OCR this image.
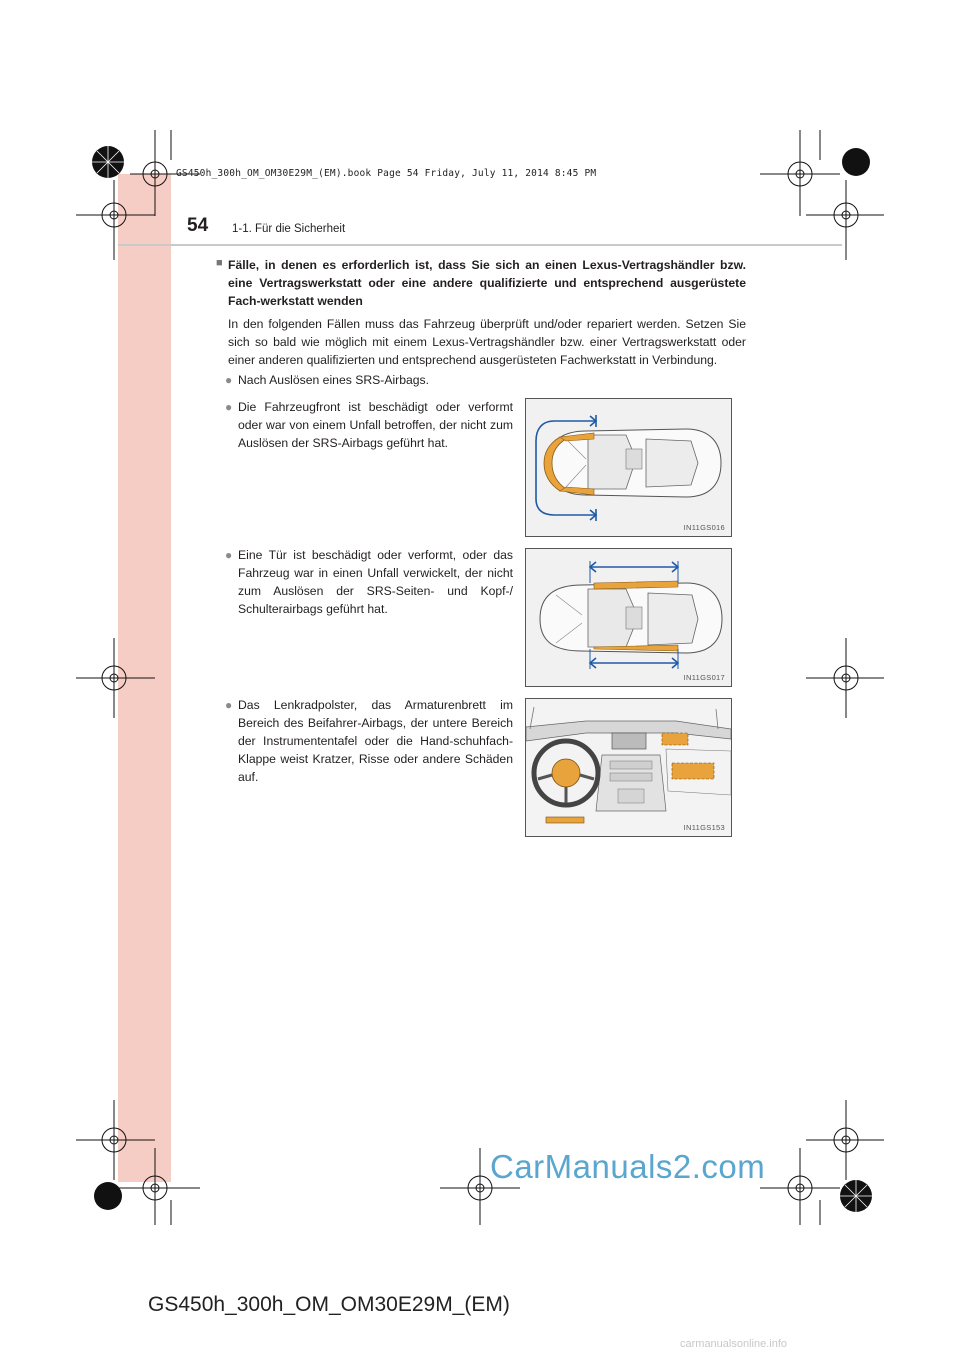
GS450h_300h_OM_OM30E29M_(EM).book Page 54 Friday, July 11, 2014 8:45 PM
54 1-1. Für die Sicherheit
■ Fälle, in denen es erforderlich ist, dass Sie sich an einen Lexus-Vertragshändler bzw. eine Vertragswerkstatt oder eine andere qualifizierte und entsprechend ausgerüstete Fach-werkstatt wenden
In den folgenden Fällen muss das Fahrzeug überprüft und/oder repariert werden. Setzen Sie sich so bald wie möglich mit einem Lexus-Vertragshändler bzw. einer Vertragswerkstatt oder einer anderen qualifizierten und entsprechend ausgerüsteten Fachwerkstatt in Verbindung.
● Nach Auslösen eines SRS-Airbags.
● Die Fahrzeugfront ist beschädigt oder verformt oder war von einem Unfall betroffen, der nicht zum Auslösen der SRS-Airbags geführt hat.
IN11GS016
● Eine Tür ist beschädigt oder verformt, oder das Fahrzeug war in einen Unfall verwickelt, der nicht zum Auslösen der SRS-Seiten- und Kopf-/ Schulterairbags geführt hat.
IN11GS017
● Das Lenkradpolster, das Armaturenbrett im Bereich des Beifahrer-Airbags, der untere Bereich der Instrumententafel oder die Hand-schuhfach-Klappe weist Kratzer, Risse oder andere Schäden auf.
IN11GS153
CarManuals2.com
GS450h_300h_OM_OM30E29M_(EM)
carmanualsonline.info
